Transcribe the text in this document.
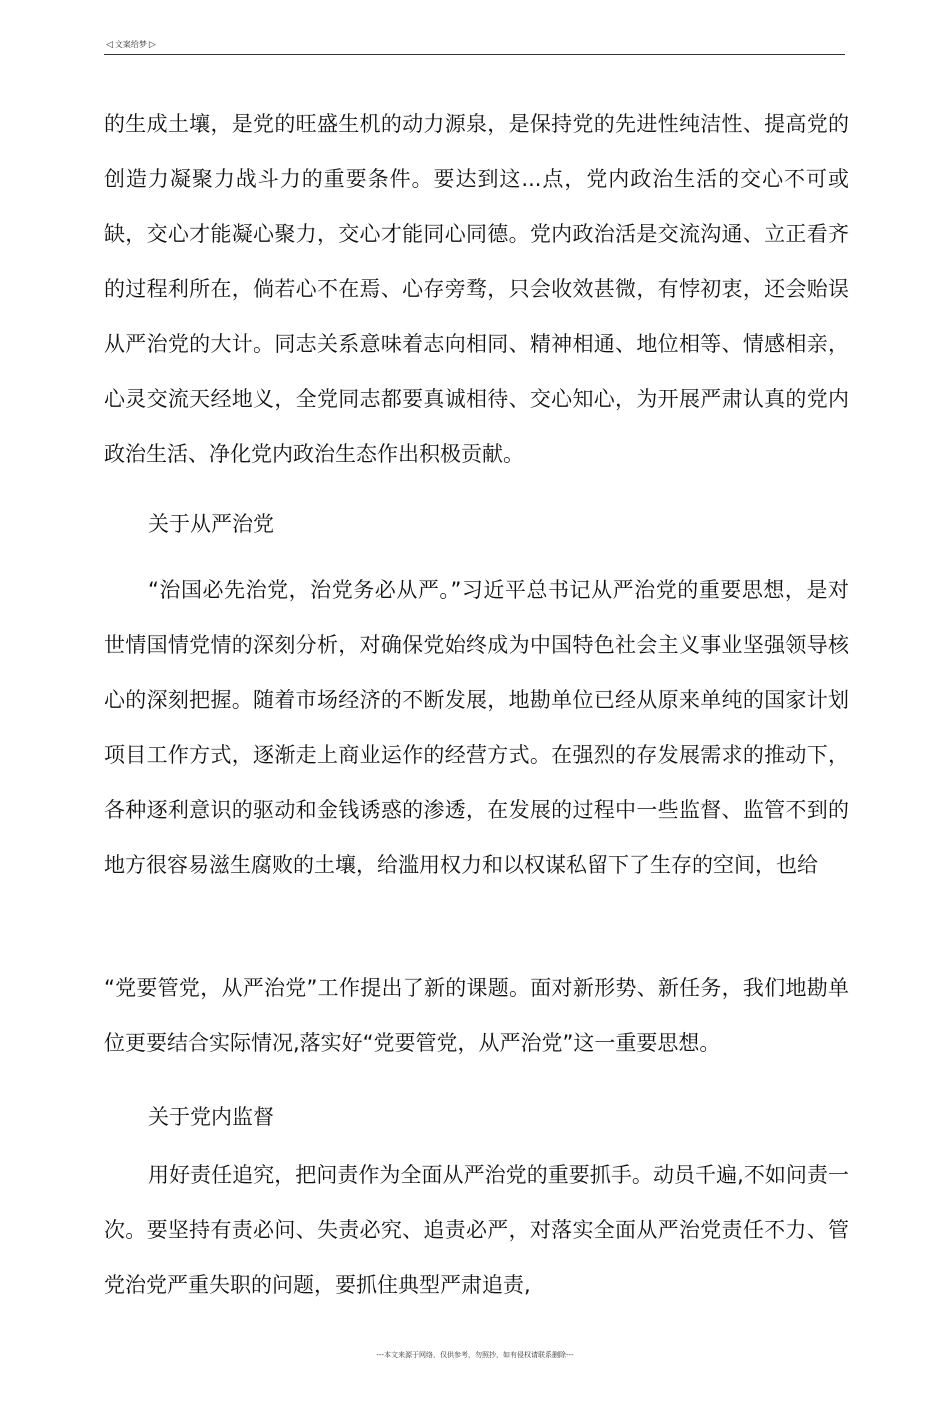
◁ 文案给梦 ▷

的生成土壤，是党的旺盛生机的动力源泉，是保持党的先进性纯洁性、提高党的创造力凝聚力战斗力的重要条件。要达到这...点，党内政治生活的交心不可或缺，交心才能凝心聚力，交心才能同心同德。党内政治活是交流沟通、立正看齐的过程利所在，倘若心不在焉、心存旁骛，只会收效甚微，有悖初衷，还会贻误从严治党的大计。同志关系意味着志向相同、精神相通、地位相等、情感相亲，心灵交流天经地义，全党同志都要真诚相待、交心知心，为开展严肃认真的党内政治生活、净化党内政治生态作出积极贡献。

关于从严治党

“治国必先治党，治党务必从严。”习近平总书记从严治党的重要思想，是对世情国情党情的深刻分析，对确保党始终成为中国特色社会主义事业坚强领导核心的深刻把握。随着市场经济的不断发展，地勘单位已经从原来单纯的国家计划项目工作方式，逐渐走上商业运作的经营方式。在强烈的存发展需求的推动下，各种逐利意识的驱动和金钱诱惑的渗透，在发展的过程中一些监督、监管不到的地方很容易滋生腐败的土壤，给滥用权力和以权谋私留下了生存的空间，也给

“党要管党，从严治党”工作提出了新的课题。面对新形势、新任务，我们地勘单位更要结合实际情况,落实好“党要管党，从严治党”这一重要思想。

关于党内监督

用好责任追究，把问责作为全面从严治党的重要抓手。动员千遍,不如问责一次。要坚持有责必问、失责必究、追责必严，对落实全面从严治党责任不力、管党治党严重失职的问题，要抓住典型严肃追责,

---本文来源于网络，仅供参考，勿照抄，如有侵权请联系删除---
